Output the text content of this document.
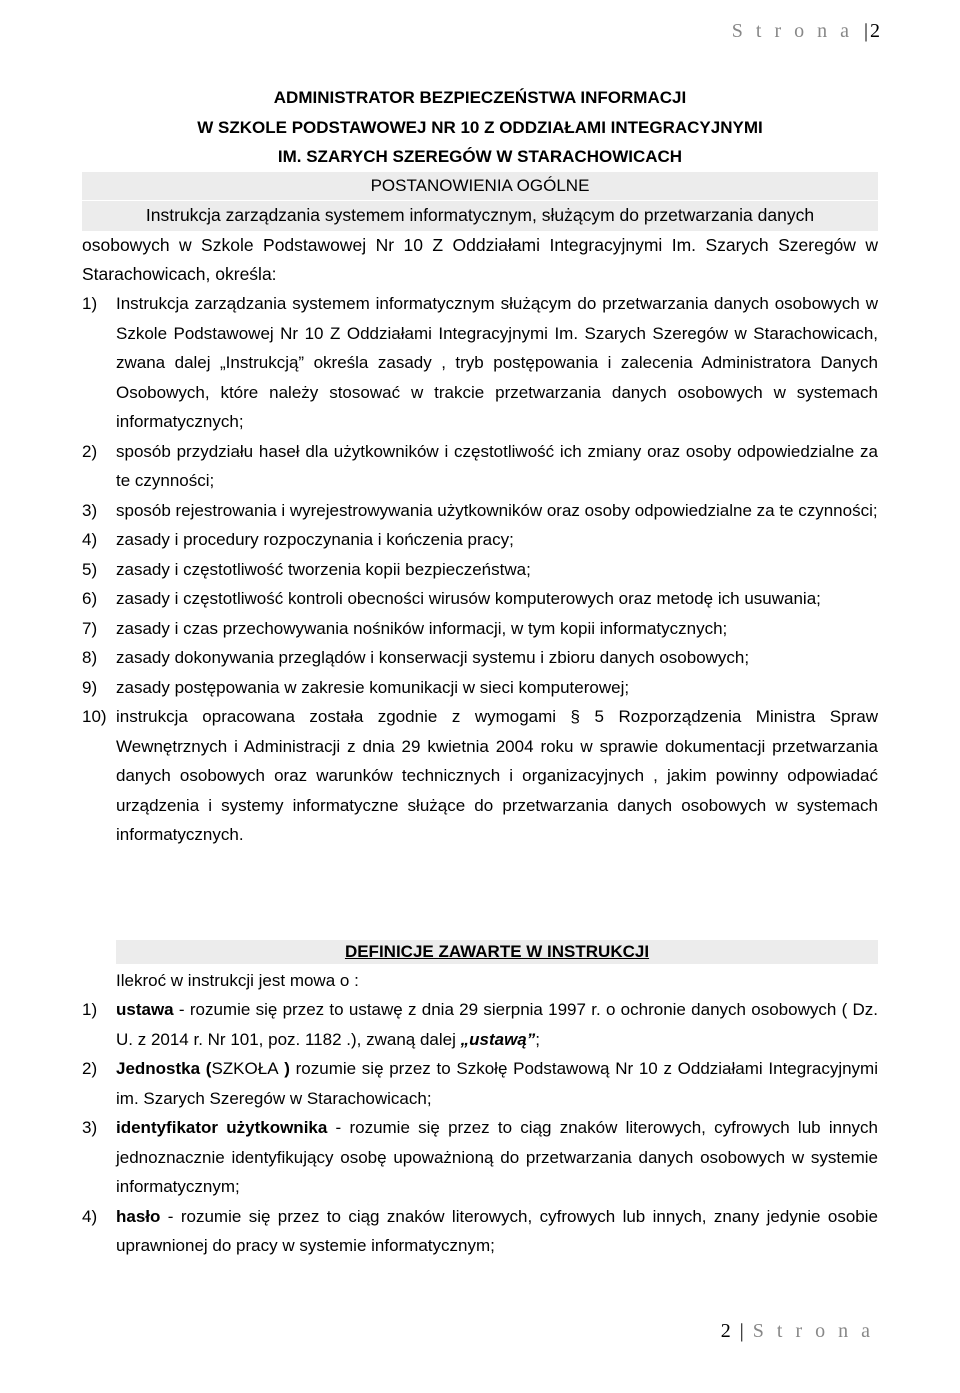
S t r o n a | 2
ADMINISTRATOR BEZPIECZEŃSTWA INFORMACJI
W SZKOLE PODSTAWOWEJ NR 10 Z ODDZIAŁAMI INTEGRACYJNYMI
IM. SZARYCH SZEREGÓW W STARACHOWICACH
POSTANOWIENIA OGÓLNE
Instrukcja zarządzania systemem informatycznym, służącym do przetwarzania danych
osobowych w Szkole Podstawowej Nr 10 Z Oddziałami Integracyjnymi Im. Szarych Szeregów w Starachowicach, określa:
1) Instrukcja zarządzania systemem informatycznym służącym do przetwarzania danych osobowych w Szkole Podstawowej Nr 10 Z Oddziałami Integracyjnymi Im. Szarych Szeregów w Starachowicach, zwana dalej „Instrukcją” określa zasady , tryb postępowania i zalecenia Administratora Danych Osobowych, które należy stosować w trakcie przetwarzania danych osobowych w systemach informatycznych;
2) sposób przydziału haseł dla użytkowników i częstotliwość ich zmiany oraz osoby odpowiedzialne za te czynności;
3) sposób rejestrowania i wyrejestrowywania użytkowników oraz osoby odpowiedzialne za te czynności;
4) zasady i procedury rozpoczynania i kończenia pracy;
5) zasady i częstotliwość tworzenia kopii bezpieczeństwa;
6) zasady i częstotliwość kontroli obecności wirusów komputerowych oraz metodę ich usuwania;
7) zasady i czas przechowywania nośników informacji, w tym kopii informatycznych;
8) zasady dokonywania przeglądów i konserwacji systemu i zbioru danych osobowych;
9) zasady postępowania w zakresie komunikacji w sieci komputerowej;
10) instrukcja opracowana została zgodnie z wymogami § 5 Rozporządzenia Ministra Spraw Wewnętrznych i Administracji z dnia 29 kwietnia 2004 roku w sprawie dokumentacji przetwarzania danych osobowych oraz warunków technicznych i organizacyjnych , jakim powinny odpowiadać urządzenia i systemy informatyczne służące do przetwarzania danych osobowych w systemach informatycznych.
DEFINICJE ZAWARTE W INSTRUKCJI
Ilekroć w instrukcji jest mowa o :
1) ustawa - rozumie się przez to ustawę z dnia 29 sierpnia 1997 r. o ochronie danych osobowych ( Dz. U. z 2014 r. Nr 101, poz. 1182 .), zwaną dalej „ustawą”;
2) Jednostka (SZKOŁA ) rozumie się przez to Szkołę Podstawową Nr 10 z Oddziałami Integracyjnymi im. Szarych Szeregów w Starachowicach;
3) identyfikator użytkownika - rozumie się przez to ciąg znaków literowych, cyfrowych lub innych jednoznacznie identyfikujący osobę upoważnioną do przetwarzania danych osobowych w systemie informatycznym;
4) hasło - rozumie się przez to ciąg znaków literowych, cyfrowych lub innych, znany jedynie osobie uprawnionej do pracy w systemie informatycznym;
2 | S t r o n a
